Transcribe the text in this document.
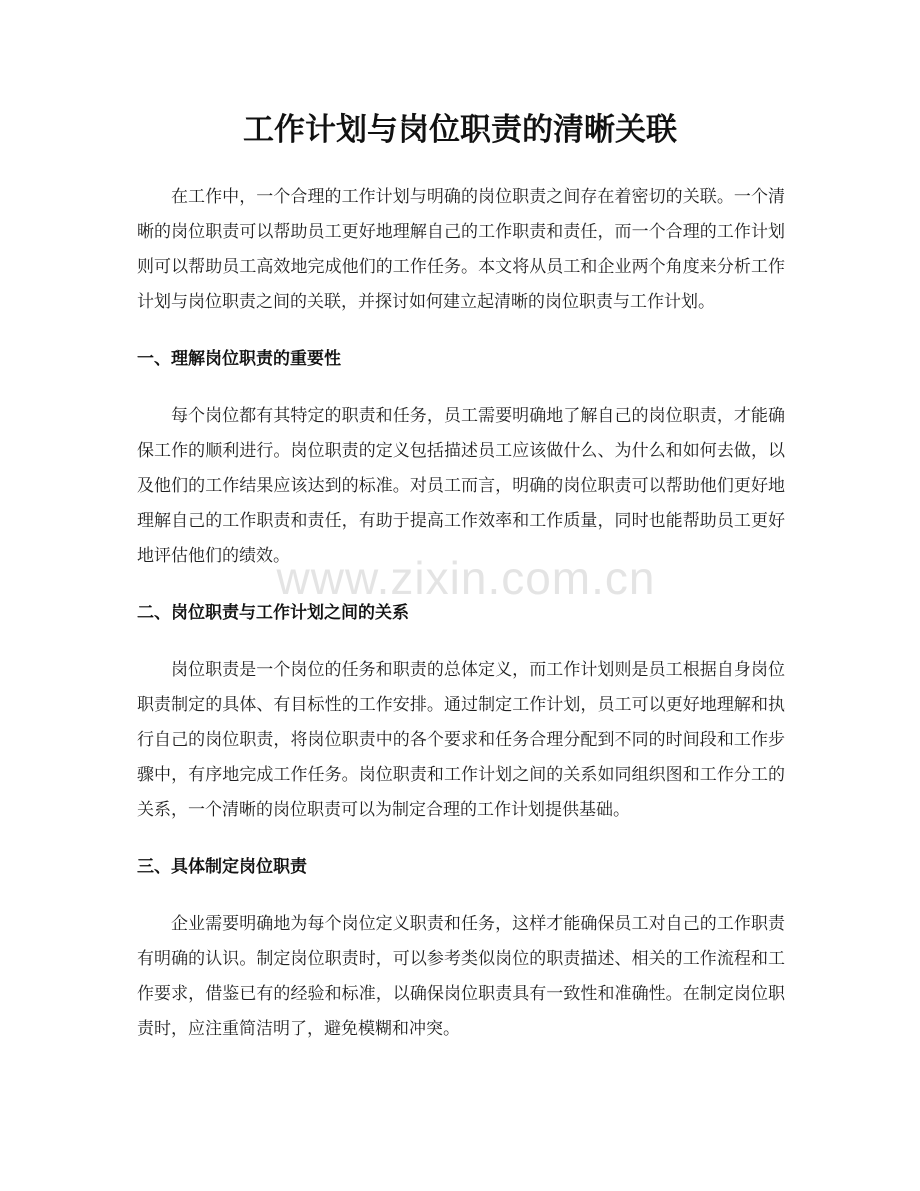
工作计划与岗位职责的清晰关联

在工作中，一个合理的工作计划与明确的岗位职责之间存在着密切的关联。一个清晰的岗位职责可以帮助员工更好地理解自己的工作职责和责任，而一个合理的工作计划则可以帮助员工高效地完成他们的工作任务。本文将从员工和企业两个角度来分析工作计划与岗位职责之间的关联，并探讨如何建立起清晰的岗位职责与工作计划。

一、理解岗位职责的重要性

每个岗位都有其特定的职责和任务，员工需要明确地了解自己的岗位职责，才能确保工作的顺利进行。岗位职责的定义包括描述员工应该做什么、为什么和如何去做，以及他们的工作结果应该达到的标准。对员工而言，明确的岗位职责可以帮助他们更好地理解自己的工作职责和责任，有助于提高工作效率和工作质量，同时也能帮助员工更好地评估他们的绩效。

二、岗位职责与工作计划之间的关系

岗位职责是一个岗位的任务和职责的总体定义，而工作计划则是员工根据自身岗位职责制定的具体、有目标性的工作安排。通过制定工作计划，员工可以更好地理解和执行自己的岗位职责，将岗位职责中的各个要求和任务合理分配到不同的时间段和工作步骤中，有序地完成工作任务。岗位职责和工作计划之间的关系如同组织图和工作分工的关系，一个清晰的岗位职责可以为制定合理的工作计划提供基础。

三、具体制定岗位职责

企业需要明确地为每个岗位定义职责和任务，这样才能确保员工对自己的工作职责有明确的认识。制定岗位职责时，可以参考类似岗位的职责描述、相关的工作流程和工作要求，借鉴已有的经验和标准，以确保岗位职责具有一致性和准确性。在制定岗位职责时，应注重简洁明了，避免模糊和冲突。

www.zixin.com.cn
